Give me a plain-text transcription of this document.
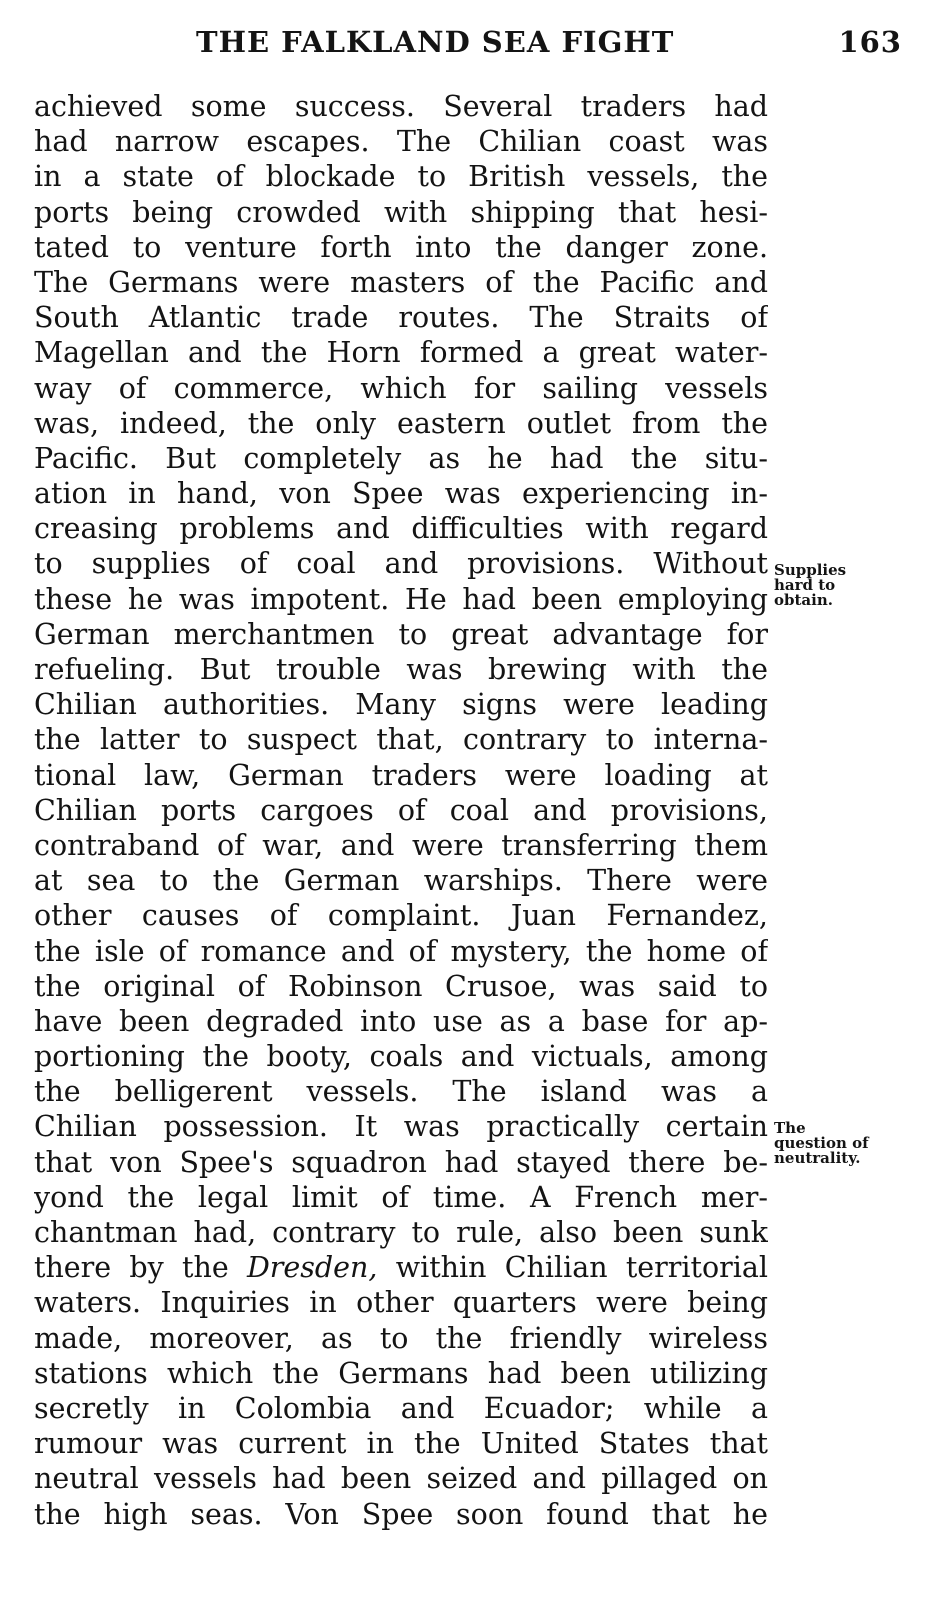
THE FALKLAND SEA FIGHT	163
achieved some success. Several traders had
had narrow escapes. The Chilian coast was
in a state of blockade to British vessels, the
ports being crowded with shipping that hesi-
tated to venture forth into the danger zone.
The Germans were masters of the Pacific and
South Atlantic trade routes. The Straits of
Magellan and the Horn formed a great water-
way of commerce, which for sailing vessels
was, indeed, the only eastern outlet from the
Pacific. But completely as he had the situ-
ation in hand, von Spee was experiencing in-
creasing problems and difficulties with regard
to supplies of coal and provisions. Without
these he was impotent. He had been employing
German merchantmen to great advantage for
refueling. But trouble was brewing with the
Chilian authorities. Many signs were leading
the latter to suspect that, contrary to interna-
tional law, German traders were loading at
Chilian ports cargoes of coal and provisions,
contraband of war, and were transferring them
at sea to the German warships. There were
other causes of complaint. Juan Fernandez,
the isle of romance and of mystery, the home of
the original of Robinson Crusoe, was said to
have been degraded into use as a base for ap-
portioning the booty, coals and victuals, among
the belligerent vessels. The island was a
Chilian possession. It was practically certain
that von Spee's squadron had stayed there be-
yond the legal limit of time. A French mer-
chantman had, contrary to rule, also been sunk
there by the Dresden, within Chilian territorial
waters. Inquiries in other quarters were being
made, moreover, as to the friendly wireless
stations which the Germans had been utilizing
secretly in Colombia and Ecuador; while a
rumour was current in the United States that
neutral vessels had been seized and pillaged on
the high seas. Von Spee soon found that he
Supplies
hard to
obtain.
The
question of
neutrality.
